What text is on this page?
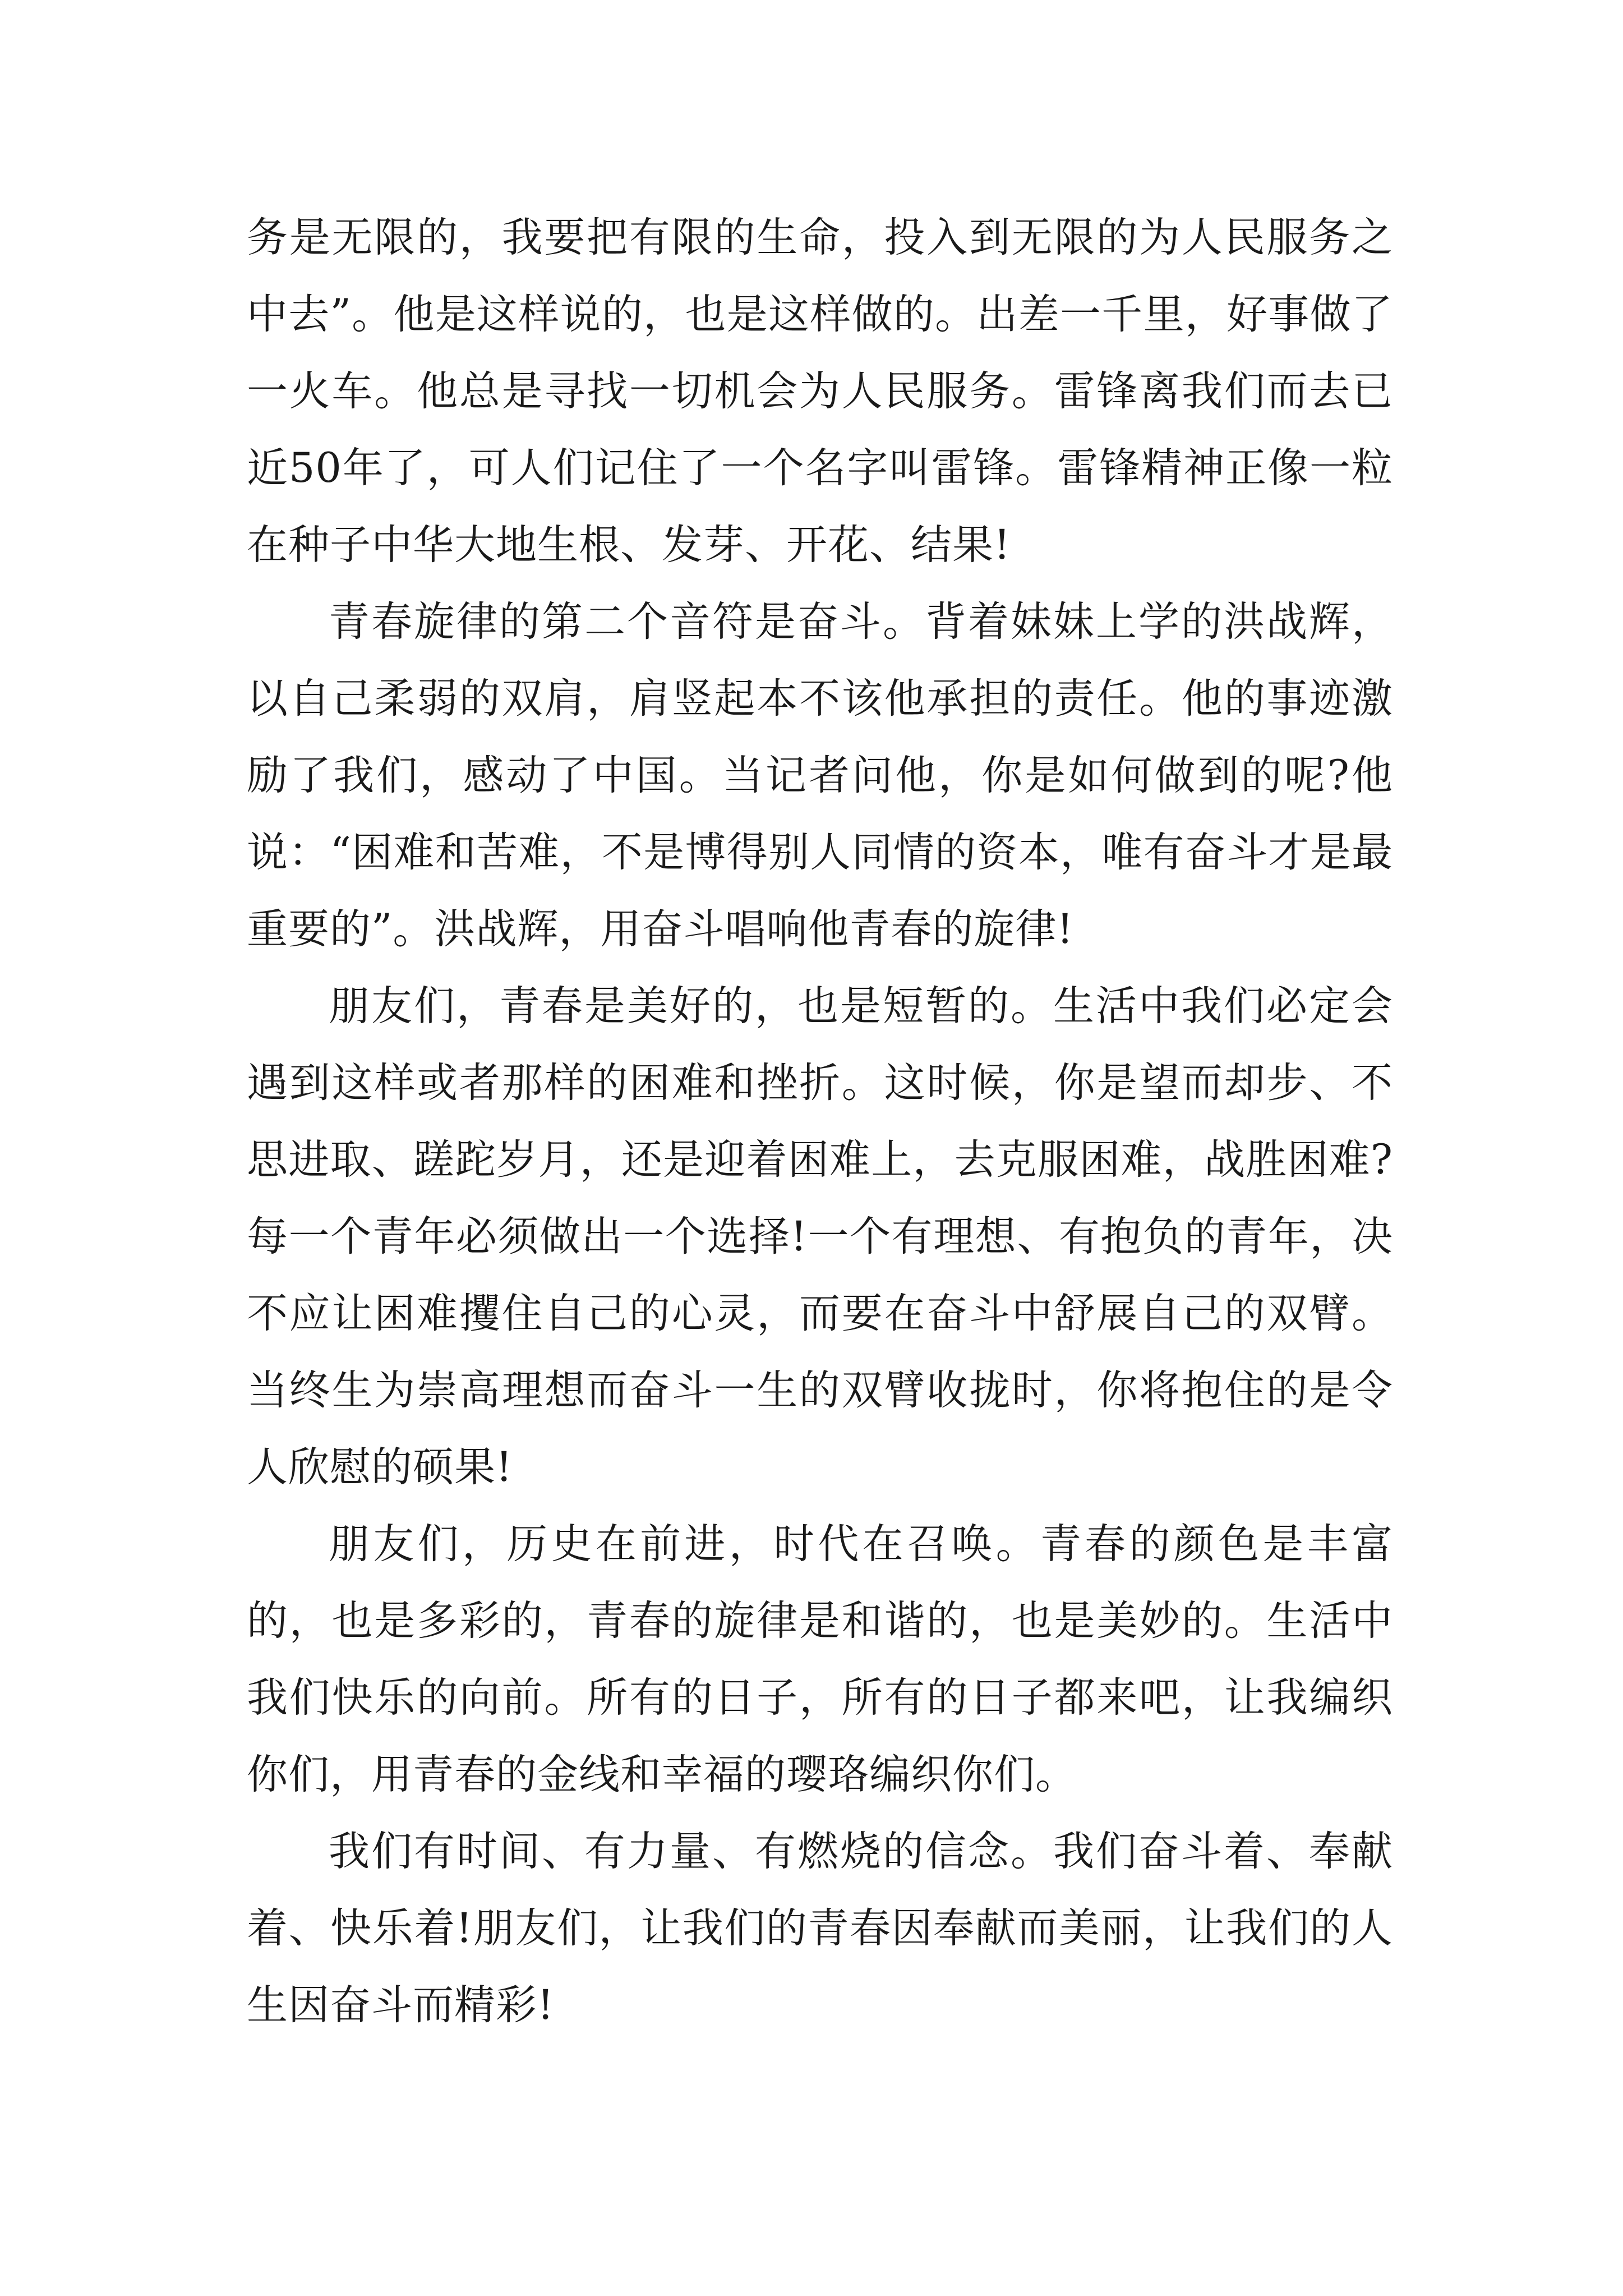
务是无限的，我要把有限的生命，投入到无限的为人民服务之中去”。他是这样说的，也是这样做的。出差一千里，好事做了一火车。他总是寻找一切机会为人民服务。雷锋离我们而去已近50年了，可人们记住了一个名字叫雷锋。雷锋精神正像一粒在种子中华大地生根、发芽、开花、结果!

青春旋律的第二个音符是奋斗。背着妹妹上学的洪战辉，以自己柔弱的双肩，肩竖起本不该他承担的责任。他的事迹激励了我们，感动了中国。当记者问他，你是如何做到的呢?他说：“困难和苦难，不是博得别人同情的资本，唯有奋斗才是最重要的”。洪战辉，用奋斗唱响他青春的旋律!

朋友们，青春是美好的，也是短暂的。生活中我们必定会遇到这样或者那样的困难和挫折。这时候，你是望而却步、不思进取、蹉跎岁月，还是迎着困难上，去克服困难，战胜困难?每一个青年必须做出一个选择!一个有理想、有抱负的青年，决不应让困难攫住自己的心灵，而要在奋斗中舒展自己的双臂。当终生为崇高理想而奋斗一生的双臂收拢时，你将抱住的是令人欣慰的硕果!

朋友们，历史在前进，时代在召唤。青春的颜色是丰富的，也是多彩的，青春的旋律是和谐的，也是美妙的。生活中我们快乐的向前。所有的日子，所有的日子都来吧，让我编织你们，用青春的金线和幸福的璎珞编织你们。

我们有时间、有力量、有燃烧的信念。我们奋斗着、奉献着、快乐着!朋友们，让我们的青春因奉献而美丽，让我们的人生因奋斗而精彩!
